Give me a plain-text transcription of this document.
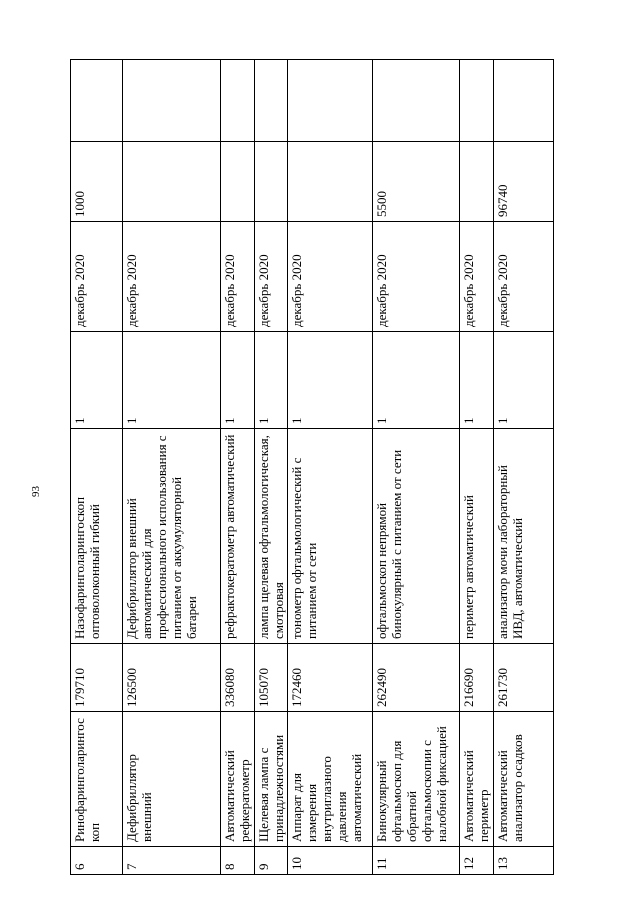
93
6	Ринофаринголарингоскоп	179710	Назофаринголарингоскоп оптоволоконный гибкий	1	декабрь 2020	1000	
7	Дефибриллятор внешний	126500	Дефибриллятор внешний автоматический для профессионального использования с питанием от аккумуляторной батареи	1	декабрь 2020		
8	Автоматический рефкератометр	336080	рефрактокератометр автоматический	1	декабрь 2020		
9	Щелевая лампа с принадлежностями	105070	лампа щелевая офтальмологическая, смотровая	1	декабрь 2020		
10	Аппарат для измерения внутриглазного давления автоматический	172460	тонометр офтальмологический с питанием от сети	1	декабрь 2020		
11	Бинокулярный офтальмоскоп для обратной офтальмоскопии с налобной фиксацией	262490	офтальмоскоп непрямой бинокулярный с питанием от сети	1	декабрь 2020	5500	
12	Автоматический периметр	216690	периметр автоматический	1	декабрь 2020		
13	Автоматический анализатор осадков	261730	анализатор мочи лабораторный ИВД, автоматический	1	декабрь 2020	96740	
